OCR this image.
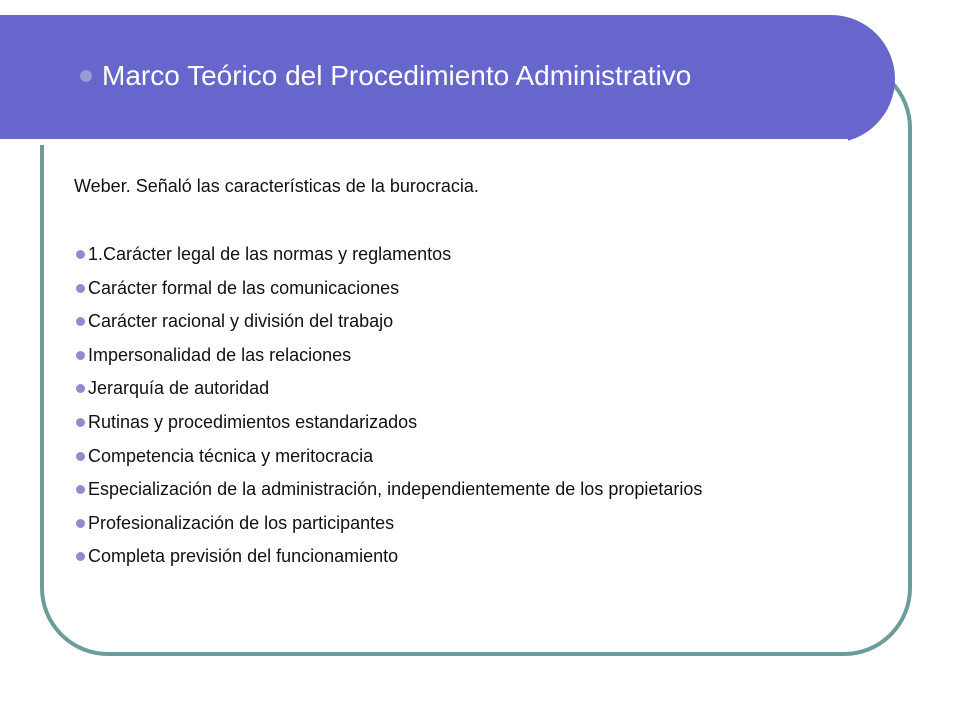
Marco Teórico del Procedimiento Administrativo

Weber. Señaló las características de la burocracia.

1.Carácter legal de las normas y reglamentos
Carácter formal de las comunicaciones
Carácter racional y división del trabajo
Impersonalidad de las relaciones
Jerarquía de autoridad
Rutinas y procedimientos estandarizados
Competencia técnica y meritocracia
Especialización de la administración, independientemente de los propietarios
Profesionalización de los participantes
Completa previsión del funcionamiento
